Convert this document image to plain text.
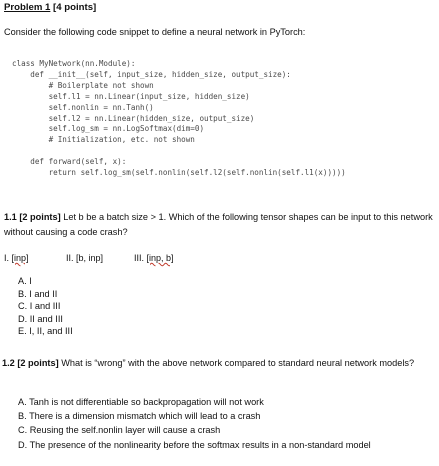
Problem 1 [4 points]
Consider the following code snippet to define a neural network in PyTorch:
class MyNetwork(nn.Module):
def __init__(self, input_size, hidden_size, output_size):
# Boilerplate not shown
self.l1 = nn.Linear(input_size, hidden_size)
self.nonlin = nn.Tanh()
self.l2 = nn.Linear(hidden_size, output_size)
self.log_sm = nn.LogSoftmax(dim=0)
# Initialization, etc. not shown

def forward(self, x):
return self.log_sm(self.nonlin(self.l2(self.nonlin(self.l1(x)))))
1.1 [2 points] Let b be a batch size > 1. Which of the following tensor shapes can be input to this network without causing a code crash?
I. [inp]	II. [b, inp]	III. [inp, b]
A. I
B. I and II
C. I and III
D. II and III
E. I, II, and III
1.2 [2 points] What is “wrong” with the above network compared to standard neural network models?
A. Tanh is not differentiable so backpropagation will not work
B. There is a dimension mismatch which will lead to a crash
C. Reusing the self.nonlin layer will cause a crash
D. The presence of the nonlinearity before the softmax results in a non-standard model
